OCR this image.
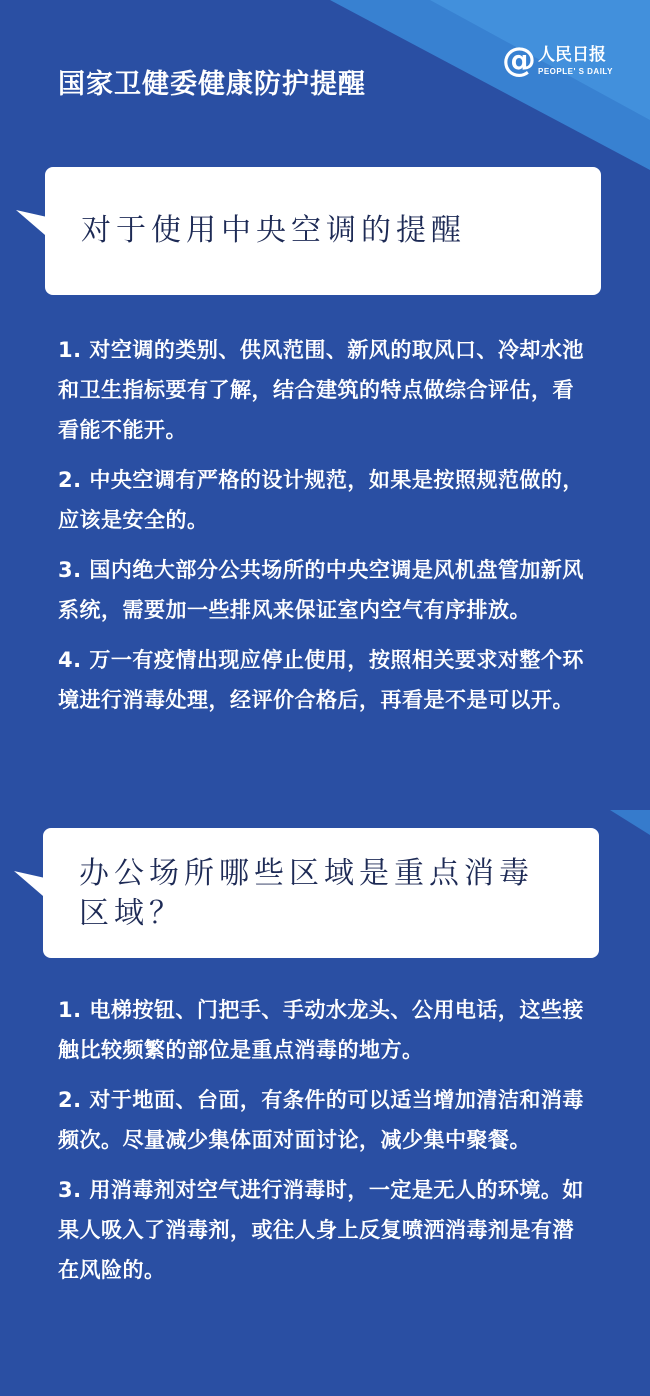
国家卫健委健康防护提醒
@ 人民日报
PEOPLE' S DAILY
对于使用中央空调的提醒
1. 对空调的类别、供风范围、新风的取风口、冷却水池和卫生指标要有了解，结合建筑的特点做综合评估，看看能不能开。
2. 中央空调有严格的设计规范，如果是按照规范做的，应该是安全的。
3. 国内绝大部分公共场所的中央空调是风机盘管加新风系统，需要加一些排风来保证室内空气有序排放。
4. 万一有疫情出现应停止使用，按照相关要求对整个环境进行消毒处理，经评价合格后，再看是不是可以开。
办公场所哪些区域是重点消毒
区域？
1. 电梯按钮、门把手、手动水龙头、公用电话，这些接触比较频繁的部位是重点消毒的地方。
2. 对于地面、台面，有条件的可以适当增加清洁和消毒频次。尽量减少集体面对面讨论，减少集中聚餐。
3. 用消毒剂对空气进行消毒时，一定是无人的环境。如果人吸入了消毒剂，或往人身上反复喷洒消毒剂是有潜在风险的。
